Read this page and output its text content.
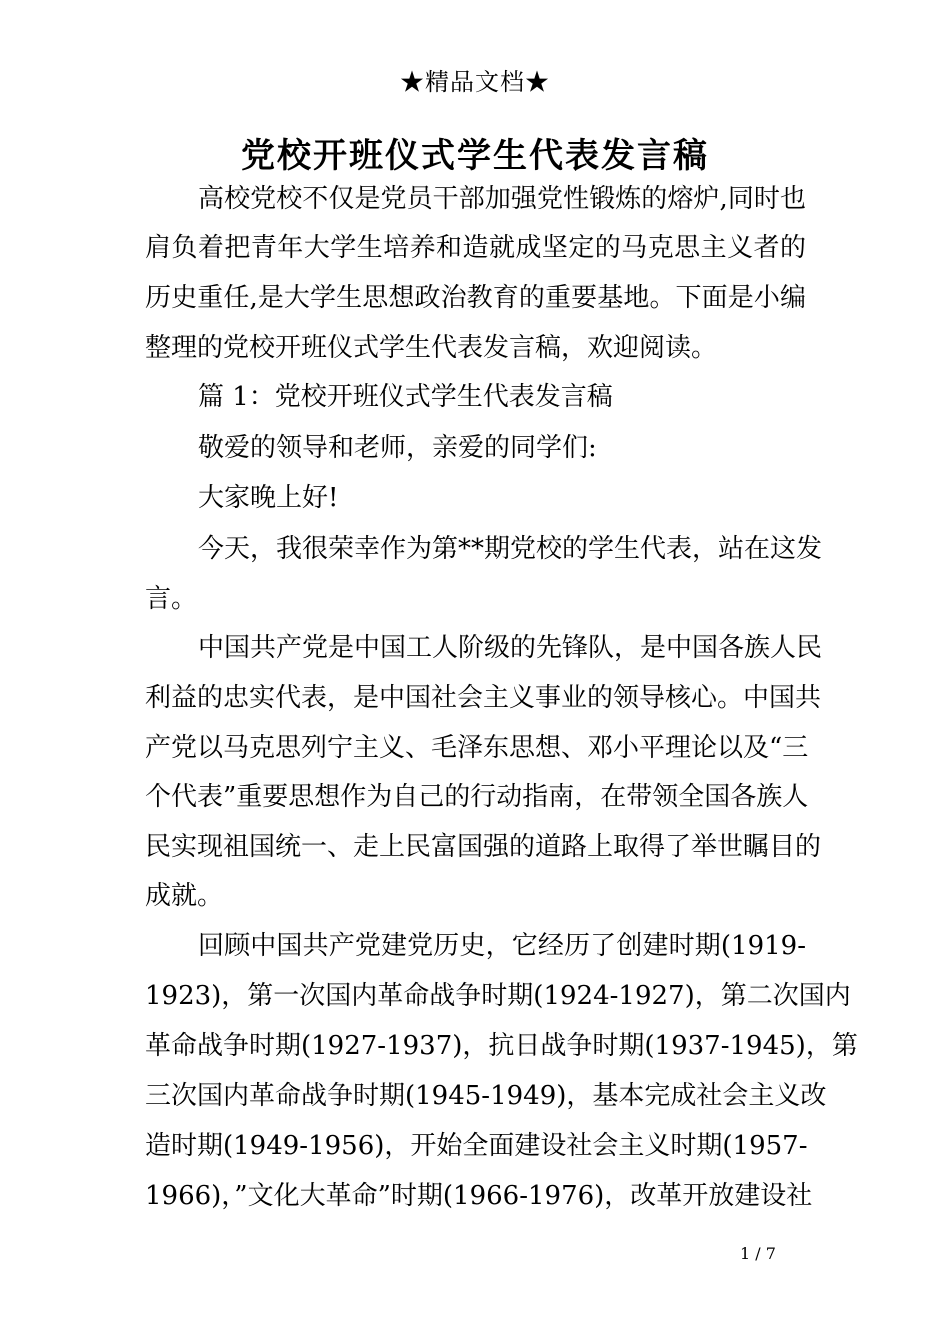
★精品文档★
党校开班仪式学生代表发言稿
高校党校不仅是党员干部加强党性锻炼的熔炉,同时也
肩负着把青年大学生培养和造就成坚定的马克思主义者的
历史重任,是大学生思想政治教育的重要基地。下面是小编
整理的党校开班仪式学生代表发言稿，欢迎阅读。
篇 1：党校开班仪式学生代表发言稿
敬爱的领导和老师，亲爱的同学们:
大家晚上好!
今天，我很荣幸作为第**期党校的学生代表，站在这发
言。
中国共产党是中国工人阶级的先锋队，是中国各族人民
利益的忠实代表，是中国社会主义事业的领导核心。中国共
产党以马克思列宁主义、毛泽东思想、邓小平理论以及“三
个代表”重要思想作为自己的行动指南，在带领全国各族人
民实现祖国统一、走上民富国强的道路上取得了举世瞩目的
成就。
回顾中国共产党建党历史，它经历了创建时期(1919-
1923)，第一次国内革命战争时期(1924-1927)，第二次国内
革命战争时期(1927-1937)，抗日战争时期(1937-1945)，第
三次国内革命战争时期(1945-1949)，基本完成社会主义改
造时期(1949-1956)，开始全面建设社会主义时期(1957-
1966)，”文化大革命”时期(1966-1976)，改革开放建设社
1 / 7
